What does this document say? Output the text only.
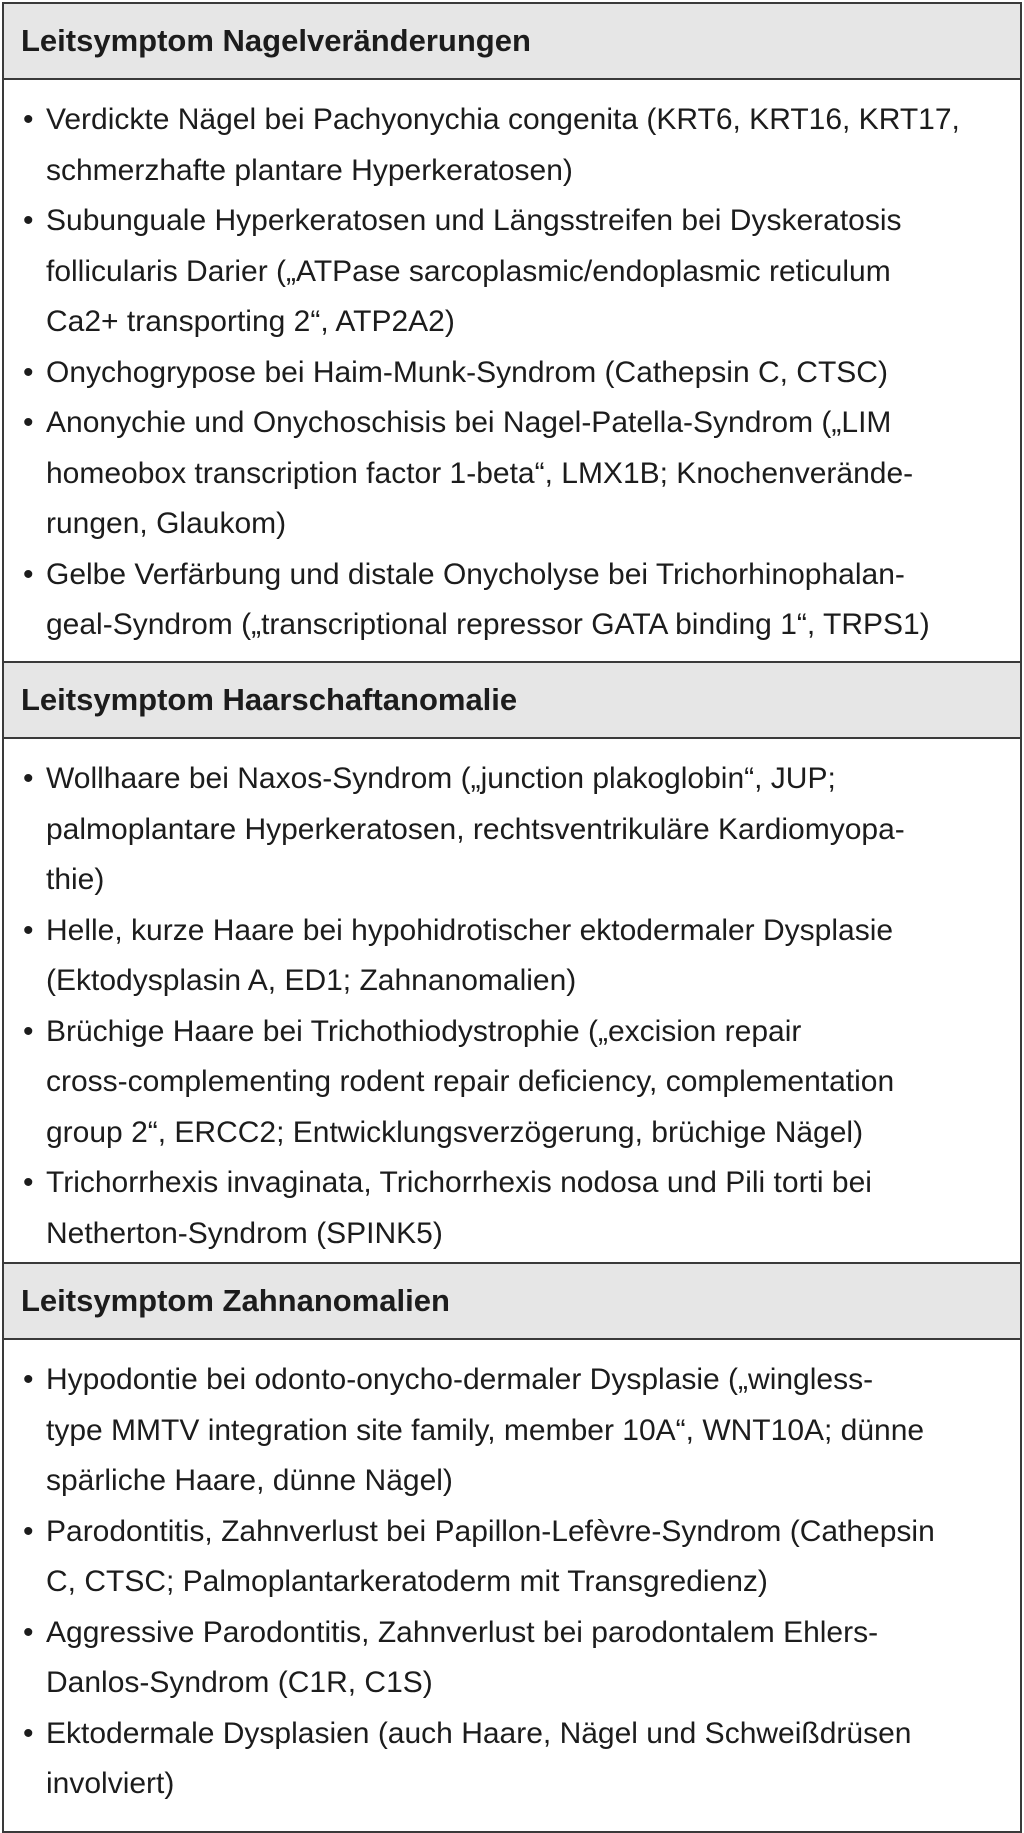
Leitsymptom Nagelveränderungen
• Verdickte Nägel bei Pachyonychia congenita (KRT6, KRT16, KRT17,
schmerzhafte plantare Hyperkeratosen)
• Subunguale Hyperkeratosen und Längsstreifen bei Dyskeratosis
follicularis Darier („ATPase sarcoplasmic/endoplasmic reticulum
Ca2+ transporting 2“, ATP2A2)
• Onychogrypose bei Haim-Munk-Syndrom (Cathepsin C, CTSC)
• Anonychie und Onychoschisis bei Nagel-Patella-Syndrom („LIM
homeobox transcription factor 1-beta“, LMX1B; Knochenverände-
rungen, Glaukom)
• Gelbe Verfärbung und distale Onycholyse bei Trichorhinophalan-
geal-Syndrom („transcriptional repressor GATA binding 1“, TRPS1)
Leitsymptom Haarschaftanomalie
• Wollhaare bei Naxos-Syndrom („junction plakoglobin“, JUP;
palmoplantare Hyperkeratosen, rechtsventrikuläre Kardiomyopa-
thie)
• Helle, kurze Haare bei hypohidrotischer ektodermaler Dysplasie
(Ektodysplasin A, ED1; Zahnanomalien)
• Brüchige Haare bei Trichothiodystrophie („excision repair
cross-complementing rodent repair deficiency, complementation
group 2“, ERCC2; Entwicklungsverzögerung, brüchige Nägel)
• Trichorrhexis invaginata, Trichorrhexis nodosa und Pili torti bei
Netherton-Syndrom (SPINK5)
Leitsymptom Zahnanomalien
• Hypodontie bei odonto-onycho-dermaler Dysplasie („wingless-
type MMTV integration site family, member 10A“, WNT10A; dünne
spärliche Haare, dünne Nägel)
• Parodontitis, Zahnverlust bei Papillon-Lefèvre-Syndrom (Cathepsin
C, CTSC; Palmoplantarkeratoderm mit Transgredienz)
• Aggressive Parodontitis, Zahnverlust bei parodontalem Ehlers-
Danlos-Syndrom (C1R, C1S)
• Ektodermale Dysplasien (auch Haare, Nägel und Schweißdrüsen
involviert)
